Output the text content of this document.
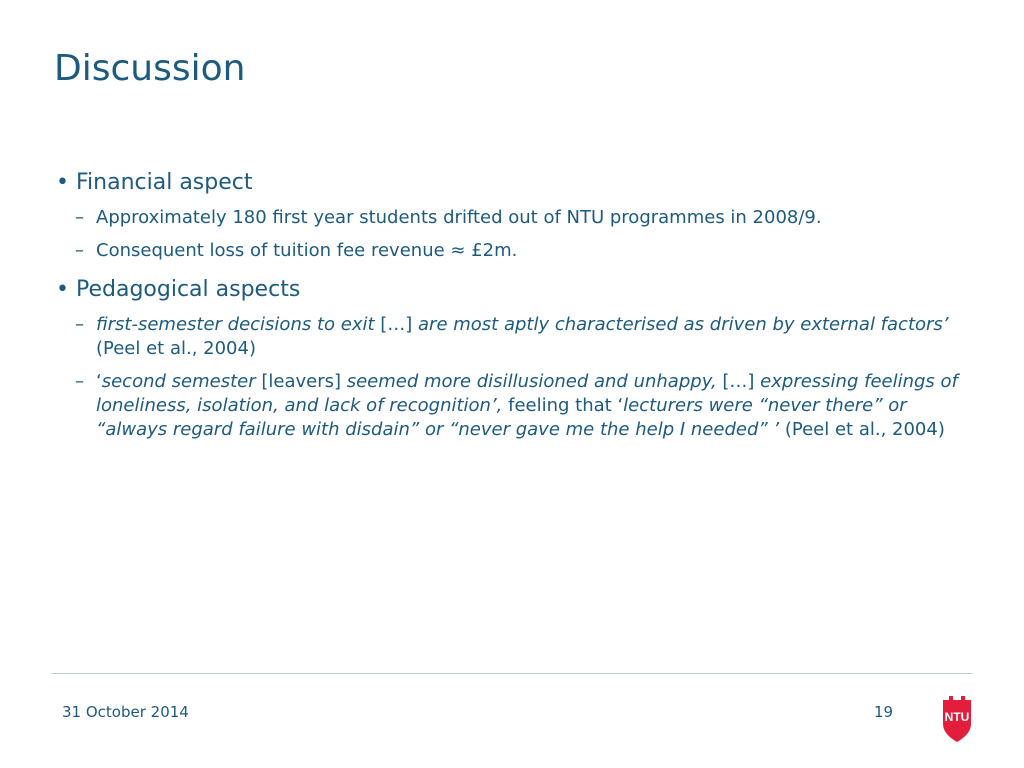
Discussion
• Financial aspect
– Approximately 180 first year students drifted out of NTU programmes in 2008/9.
– Consequent loss of tuition fee revenue ≈ £2m.
• Pedagogical aspects
– first-semester decisions to exit […] are most aptly characterised as driven by external factors’ (Peel et al., 2004)
– ‘second semester [leavers] seemed more disillusioned and unhappy, […] expressing feelings of loneliness, isolation, and lack of recognition’, feeling that ‘lecturers were “never there” or “always regard failure with disdain” or “never gave me the help I needed” ’ (Peel et al., 2004)
31 October 2014	19	NTU
